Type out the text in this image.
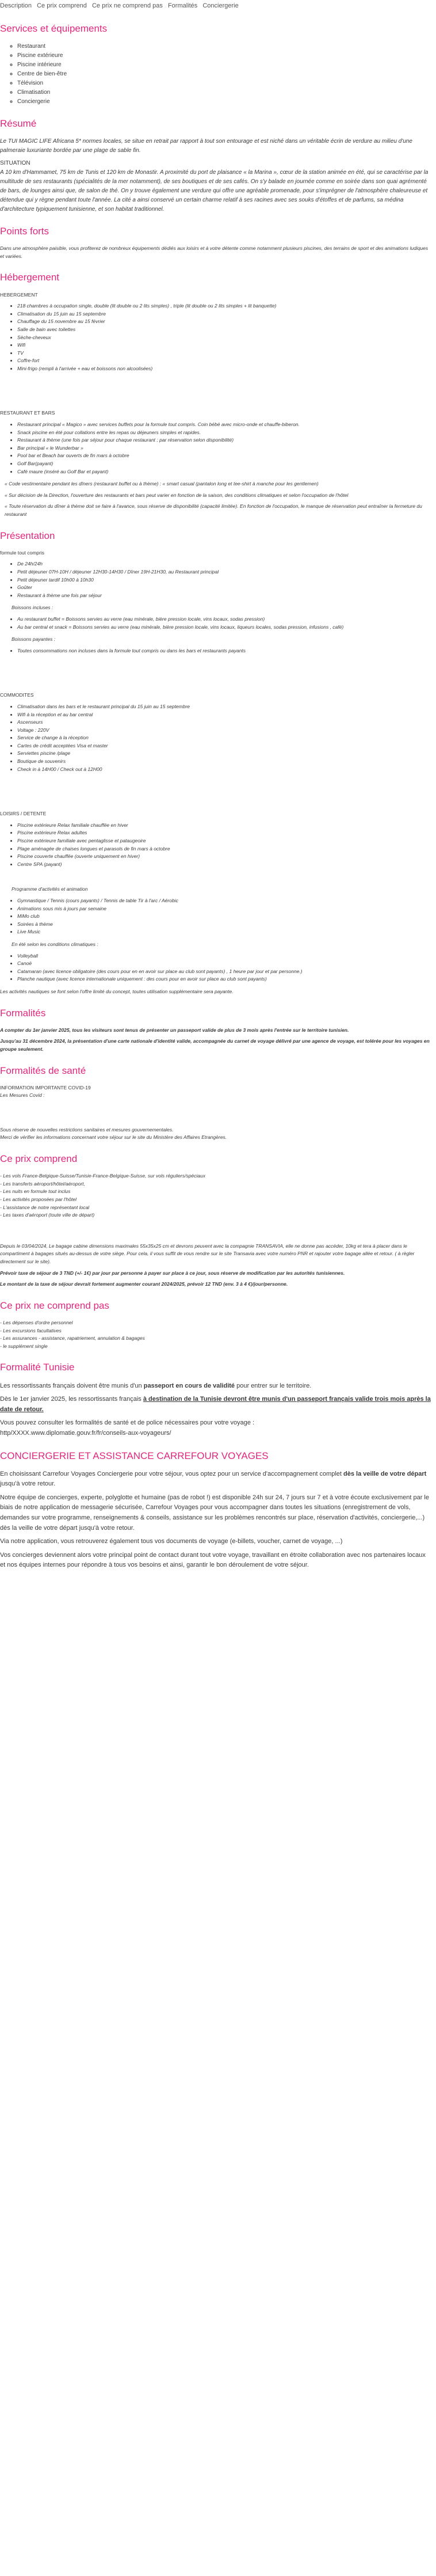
Description Ce prix comprend Ce prix ne comprend pas Formalités Conciergerie
Services et équipements
◦ Restaurant
◦ Piscine extérieure
◦ Piscine intérieure
◦ Centre de bien-être
◦ Télévision
◦ Climatisation
◦ Conciergerie
Résumé

Le TUI MAGIC LIFE Africana 5* normes locales, se situe en retrait par rapport à tout son entourage et est niché dans un véritable écrin de verdure au milieu d'une palmeraie luxuriante bordée par une plage de sable fin.

SITUATION

A 10 km d'Hammamet, 75 km de Tunis et 120 km de Monastir. A proximité du port de plaisance « la Marina », cœur de la station animée en été, qui se caractérise par la multitude de ses restaurants (spécialités de la mer notamment), de ses boutiques et de ses cafés. On s'y balade en journée comme en soirée dans son quai agrémenté de bars, de lounges ainsi que, de salon de thé. On y trouve également une verdure qui offre une agréable promenade, pour s'imprégner de l'atmosphère chaleureuse et détendue qui y règne pendant toute l'année. La cité a ainsi conservé un certain charme relatif à ses racines avec ses souks d'étoffes et de parfums, sa médina d'architecture typiquement tunisienne, et son habitat traditionnel.

Points forts

Dans une atmosphère paisible, vous profiterez de nombreux équipements dédiés aux loisirs et à votre détente comme notamment plusieurs piscines, des terrains de sport et des animations ludiques et variées.

Hébergement

HEBERGEMENT

• 218 chambres à occupation single, double (lit double ou 2 lits simples) , triple (lit double ou 2 lits simples + lit banquette)
• Climatisation du 15 juin au 15 septembre
• Chauffage du 15 novembre au 15 février
• Salle de bain avec toilettes
• Sèche-cheveux
• Wifi
• TV
• Coffre-fort
• Mini-frigo (rempli à l'arrivée + eau et boissons non alcoolisées)

RESTAURANT ET BARS

• Restaurant principal « Magico » avec services buffets pour la formule tout compris. Coin bébé avec micro-onde et chauffe-biberon.
• Snack piscine en été pour collations entre les repas ou déjeuners simples et rapides.
• Restaurant à thème (une fois par séjour pour chaque restaurant ; par réservation selon disponibilité)
• Bar principal « le Wunderbar »
• Pool bar et Beach bar ouverts de fin mars à octobre
• Golf Bar(payant)
• Café maure (inséré au Golf Bar et payant)

« Code vestimentaire pendant les dîners (restaurant buffet ou à thème) : « smart casual (pantalon long et tee-shirt à manche pour les gentlemen)

« Sur décision de la Direction, l'ouverture des restaurants et bars peut varier en fonction de la saison, des conditions climatiques et selon l'occupation de l'hôtel

« Toute réservation du dîner à thème doit se faire à l'avance, sous réserve de disponibilité (capacité limitée). En fonction de l'occupation, le manque de réservation peut entraîner la fermeture du restaurant

Présentation

formule tout compris

• De 24h/24h
• Petit déjeuner 07H-10H / déjeuner 12H30-14H30 / Dîner 19H-21H30, au Restaurant principal
• Petit déjeuner tardif 10h00 à 10h30
• Goûter
• Restaurant à thème une fois par séjour

Boissons incluses :

• Au restaurant buffet = Boissons servies au verre (eau minérale, bière pression locale, vins locaux, sodas pression)
• Au bar central et snack = Boissons servies au verre (eau minérale, bière pression locale, vins locaux, liqueurs locales, sodas pression, infusions , café)

Boissons payantes :

• Toutes consommations non incluses dans la formule tout compris ou dans les bars et restaurants payants

COMMODITES

• Climatisation dans les bars et le restaurant principal du 15 juin au 15 septembre
• Wifi à la réception et au bar central
• Ascenseurs
• Voltage : 220V
• Service de change à la réception
• Cartes de crédit acceptées Visa et master
• Serviettes piscine /plage
• Boutique de souvenirs
• Check in à 14H00 / Check out à 12H00

LOISIRS / DETENTE

• Piscine extérieure Relax familiale chauffée en hiver
• Piscine extérieure Relax adultes
• Piscine extérieure familiale avec pentaglisse et pataugeoire
• Plage aménagée de chaises longues et parasols de fin mars à octobre
• Piscine couverte chauffée (ouverte uniquement en hiver)
• Centre SPA (payant)

Programme d'activités et animation

• Gymnastique / Tennis (cours payants) / Tennis de table Tir à l'arc / Aérobic
• Animations sous mis à jours par semaine
• MiMo club
• Soirées à thème
• Live Music

En été selon les conditions climatiques :

• Volleyball
• Canoë
• Catamaran (avec licence obligatoire (des cours pour en en avoir sur place au club sont payants) , 1 heure par jour et par personne.)
• Planche nautique (avec licence internationale uniquement : des cours pour en avoir sur place au club sont payants)

Les activités nautiques se font selon l'offre limité du concept, toutes utilisation supplémentaire sera payante.

Formalités

A compter du 1er janvier 2025, tous les visiteurs sont tenus de présenter un passeport valide de plus de 3 mois après l'entrée sur le territoire tunisien.

Jusqu'au 31 décembre 2024, la présentation d'une carte nationale d'identité valide, accompagnée du carnet de voyage délivré par une agence de voyage, est tolérée pour les voyages en groupe seulement.

Formalités de santé

INFORMATION IMPORTANTE COVID-19

Les Mesures Covid :

Sous réserve de nouvelles restrictions sanitaires et mesures gouvernementales.

Merci de vérifier les informations concernant votre séjour sur le site du Ministère des Affaires Etrangères.

Ce prix comprend
- Les vols France-Belgique-Suisse/Tunisie-France-Belgique-Suisse, sur vols réguliers/spéciaux
- Les transferts aéroport/hôtel/aéroport,
- Les nuits en formule tout inclus
- Les activités proposées par l'hôtel
- L'assistance de notre représentant local
- Les taxes d'aéroport (toute ville de départ)

Depuis le 03/04/2024, Le bagage cabine dimensions maximales 55x35x25 cm et devrons peuvent avec la compagnie TRANSAVIA, elle ne donne pas accéder, 10kg et tera à placer dans le compartiment à bagages situés au-dessus de votre siège. Pour cela, il vous suffit de vous rendre sur le site Transavia avec votre numéro PNR et rajouter votre bagage allée et retour. ( à règler directement sur le site).

Prévoir taxe de séjour de 3 TND (+/- 1€) par jour par personne à payer sur place à ce jour, sous réserve de modification par les autorités tunisiennes.

Le montant de la taxe de séjour devrait fortement augmenter courant 2024/2025, prévoir 12 TND (env. 3 à 4 €)/jour/personne.

Ce prix ne comprend pas
- Les dépenses d'ordre personnel
- Les excursions facultatives
- Les assurances - assistance, rapatriement, annulation & bagages
- le supplément single
Formalité Tunisie

Les ressortissants français doivent être munis d'un passeport en cours de validité pour entrer sur le territoire.

Dès le 1er janvier 2025, les ressortissants français à destination de la Tunisie devront être munis d'un passeport français valide trois mois après la date de retour.

Vous pouvez consulter les formalités de santé et de police nécessaires pour votre voyage :

http/XXXX.www.diplomatie.gouv.fr/fr/conseils-aux-voyageurs/

CONCIERGERIE ET ASSISTANCE CARREFOUR VOYAGES

En choisissant Carrefour Voyages Conciergerie pour votre séjour, vous optez pour un service d'accompagnement complet dès la veille de votre départ jusqu'à votre retour.

Notre équipe de concierges, experte, polyglotte et humaine (pas de robot !) est disponible 24h sur 24, 7 jours sur 7 et à votre écoute exclusivement par le biais de notre application de messagerie sécurisée, Carrefour Voyages pour vous accompagner dans toutes les situations (enregistrement de vols, demandes sur votre programme, renseignements & conseils, assistance sur les problèmes rencontrés sur place, réservation d'activités, conciergerie,...) dès la veille de votre départ jusqu'à votre retour.

Via notre application, vous retrouverez également tous vos documents de voyage (e-billets, voucher, carnet de voyage, ...)

Vos concierges deviennent alors votre principal point de contact durant tout votre voyage, travaillant en étroite collaboration avec nos partenaires locaux et nos équipes internes pour répondre à tous vos besoins et ainsi, garantir le bon déroulement de votre séjour.
